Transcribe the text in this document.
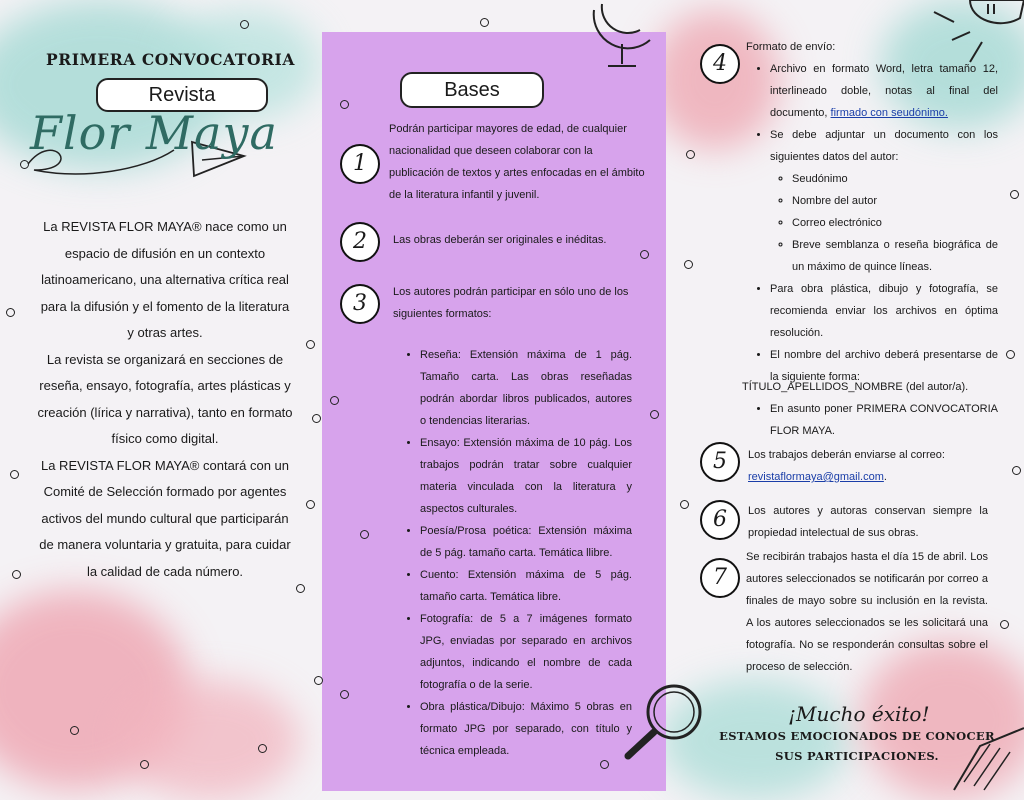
PRIMERA CONVOCATORIA
Revista
Flor Maya
La REVISTA FLOR MAYA® nace como un espacio de difusión en un contexto latinoamericano, una alternativa crítica real para la difusión y el fomento de la literatura y otras artes.
La revista se organizará en secciones de reseña, ensayo, fotografía, artes plásticas y creación (lírica y narrativa), tanto en formato físico como digital.
La REVISTA FLOR MAYA® contará con un Comité de Selección formado por agentes activos del mundo cultural que participarán de manera voluntaria y gratuita, para cuidar la calidad de cada número.
Bases
1
Podrán participar mayores de edad, de cualquier nacionalidad que deseen colaborar con la publicación de textos y artes enfocadas en el ámbito de la literatura infantil y juvenil.
2	Las obras deberán ser originales e inéditas.
3	Los autores podrán participar en sólo uno de los siguientes formatos:
• Reseña: Extensión máxima de 1 pág. Tamaño carta. Las obras reseñadas podrán abordar libros publicados, autores o tendencias literarias.
• Ensayo: Extensión máxima de 10 pág. Los trabajos podrán tratar sobre cualquier materia vinculada con la literatura y aspectos culturales.
• Poesía/Prosa poética: Extensión máxima de 5 pág. tamaño carta. Temática llibre.
• Cuento: Extensión máxima de 5 pág. tamaño carta. Temática libre.
• Fotografía: de 5 a 7 imágenes formato JPG, enviadas por separado en archivos adjuntos, indicando el nombre de cada fotografía o de la serie.
• Obra plástica/Dibujo: Máximo 5 obras en formato JPG por separado, con título y técnica empleada.
4
Formato de envío:
• Archivo en formato Word, letra tamaño 12, interlineado doble, notas al final del documento, firmado con seudónimo.
• Se debe adjuntar un documento con los siguientes datos del autor:
◦ Seudónimo
◦ Nombre del autor
◦ Correo electrónico
◦ Breve semblanza o reseña biográfica de un máximo de quince líneas.
• Para obra plástica, dibujo y fotografía, se recomienda enviar los archivos en óptima resolución.
• El nombre del archivo deberá presentarse de la siguiente forma:
TÍTULO_APELLIDOS_NOMBRE (del autor/a).
• En asunto poner PRIMERA CONVOCATORIA FLOR MAYA.
5	Los trabajos deberán enviarse al correo:
revistaflormaya@gmail.com.
6	Los autores y autoras conservan siempre la propiedad intelectual de sus obras.
7
Se recibirán trabajos hasta el día 15 de abril. Los autores seleccionados se notificarán por correo a finales de mayo sobre su inclusión en la revista. A los autores seleccionados se les solicitará una fotografía. No se responderán consultas sobre el proceso de selección.
¡Mucho éxito!
ESTAMOS EMOCIONADOS DE CONOCER SUS PARTICIPACIONES.
